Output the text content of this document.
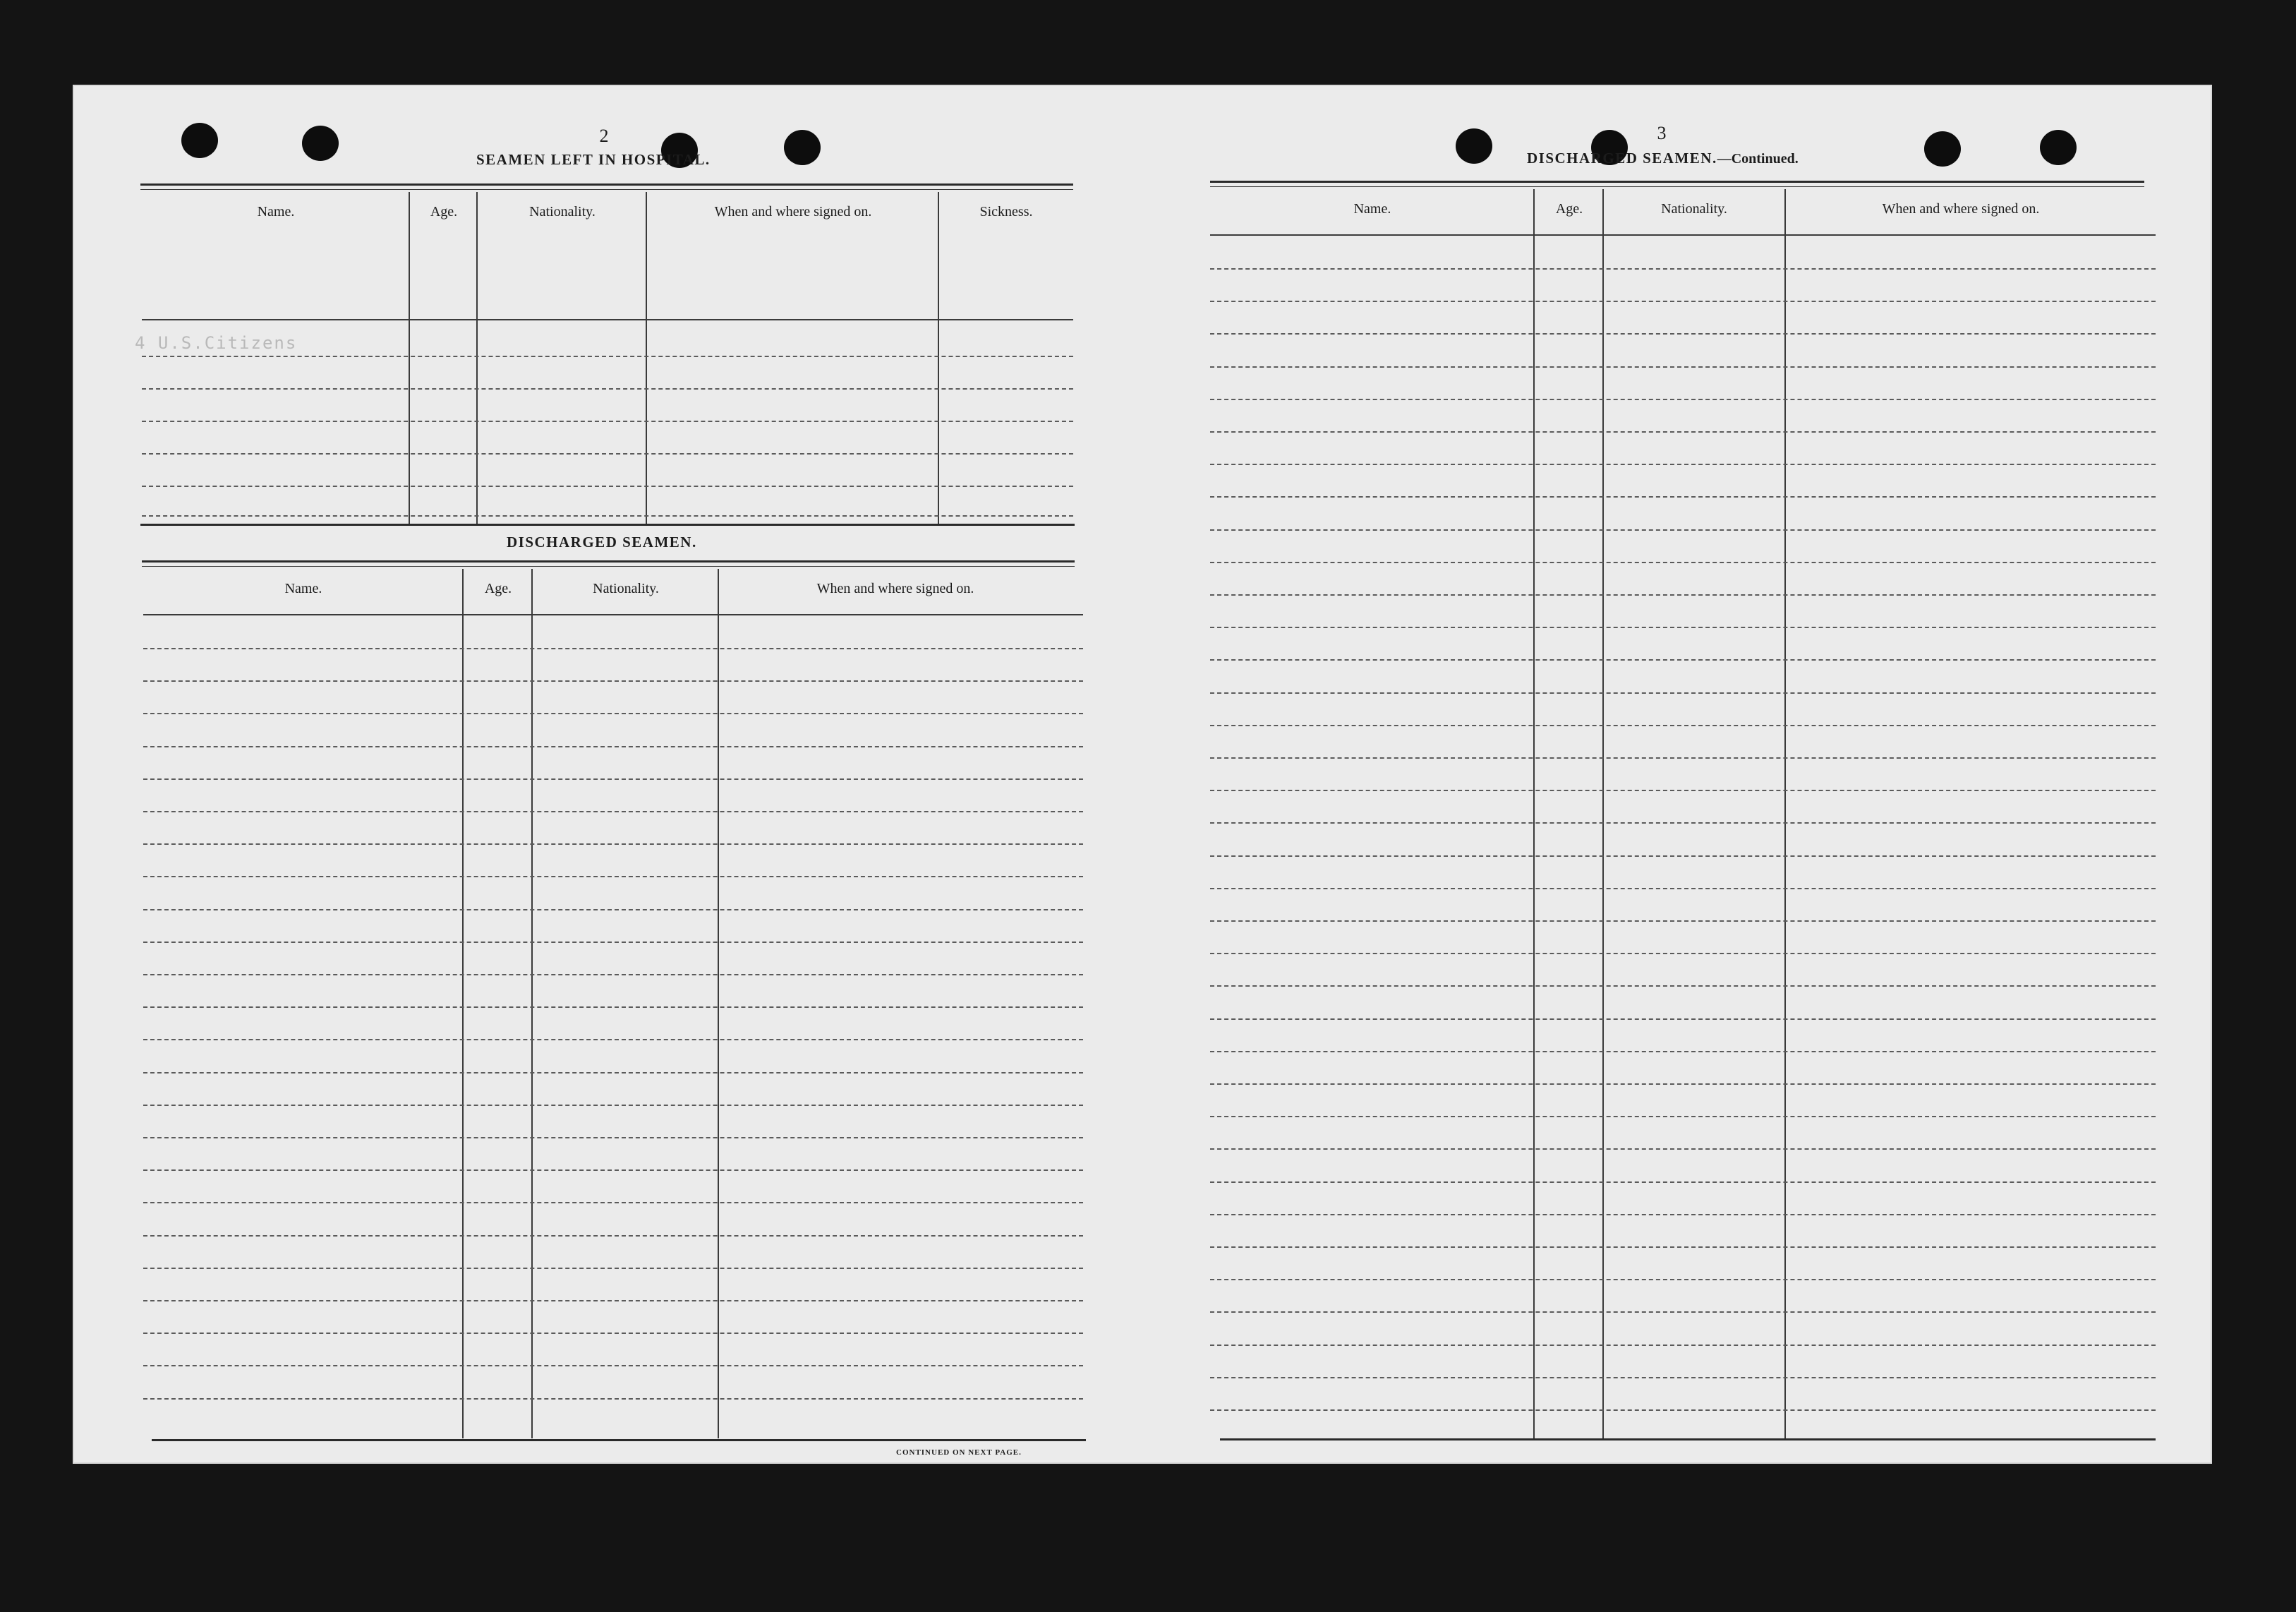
2
SEAMEN LEFT IN HOSPITAL.
Name.	Age.	Nationality.	When and where signed on.	Sickness.
4 U.S.Citizens
DISCHARGED SEAMEN.
Name.	Age.	Nationality.	When and where signed on.
CONTINUED ON NEXT PAGE.
3
DISCHARGED SEAMEN.—Continued.
Name.	Age.	Nationality.	When and where signed on.
